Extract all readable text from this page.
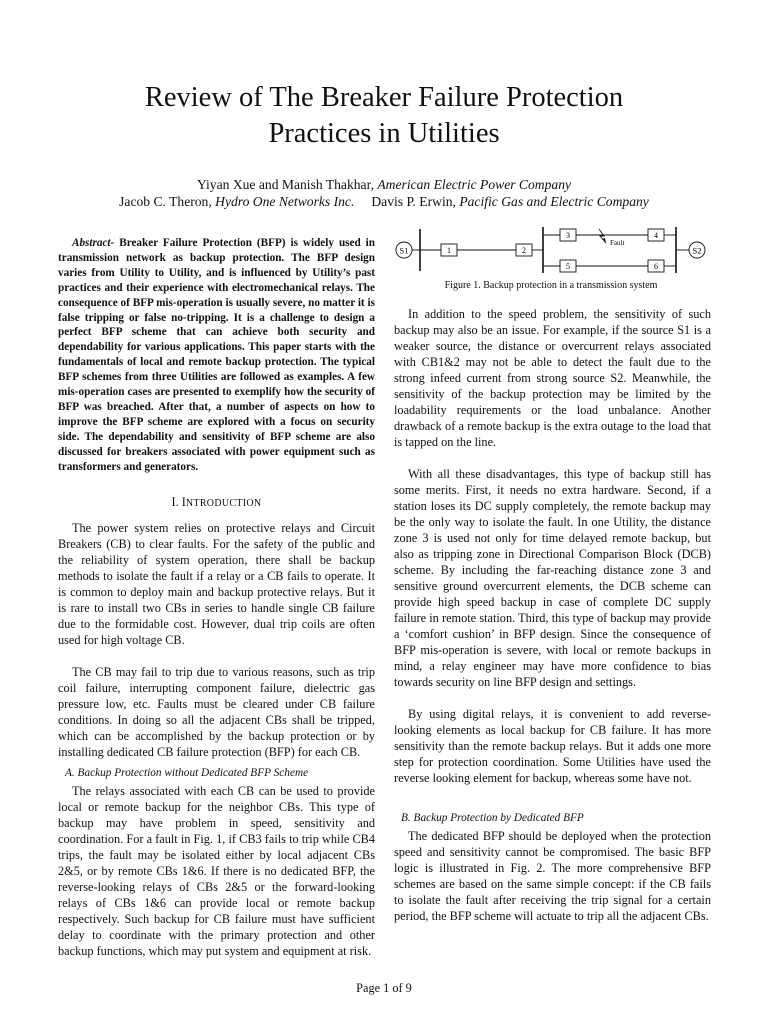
Review of The Breaker Failure Protection
Practices in Utilities
Yiyan Xue and Manish Thakhar, American Electric Power Company
Jacob C. Theron, Hydro One Networks Inc. Davis P. Erwin, Pacific Gas and Electric Company

Abstract- Breaker Failure Protection (BFP) is widely used in transmission network as backup protection. The BFP design varies from Utility to Utility, and is influenced by Utility’s past practices and their experience with electromechanical relays. The consequence of BFP mis-operation is usually severe, no matter it is false tripping or false no-tripping. It is a challenge to design a perfect BFP scheme that can achieve both security and dependability for various applications. This paper starts with the fundamentals of local and remote backup protection. The typical BFP schemes from three Utilities are followed as examples. A few mis-operation cases are presented to exemplify how the security of BFP was breached. After that, a number of aspects on how to improve the BFP scheme are explored with a focus on security side. The dependability and sensitivity of BFP scheme are also discussed for breakers associated with power equipment such as transformers and generators.

I. INTRODUCTION

The power system relies on protective relays and Circuit Breakers (CB) to clear faults. For the safety of the public and the reliability of system operation, there shall be backup methods to isolate the fault if a relay or a CB fails to operate. It is common to deploy main and backup protective relays. But it is rare to install two CBs in series to handle single CB failure due to the formidable cost. However, dual trip coils are often used for high voltage CB.

The CB may fail to trip due to various reasons, such as trip coil failure, interrupting component failure, dielectric gas pressure low, etc. Faults must be cleared under CB failure conditions. In doing so all the adjacent CBs shall be tripped, which can be accomplished by the backup protection or by installing dedicated CB failure protection (BFP) for each CB.

A. Backup Protection without Dedicated BFP Scheme

The relays associated with each CB can be used to provide local or remote backup for the neighbor CBs. This type of backup may have problem in speed, sensitivity and coordination. For a fault in Fig. 1, if CB3 fails to trip while CB4 trips, the fault may be isolated either by local adjacent CBs 2&5, or by remote CBs 1&6. If there is no dedicated BFP, the reverse-looking relays of CBs 2&5 or the forward-looking relays of CBs 1&6 can provide local or remote backup respectively. Such backup for CB failure must have sufficient delay to coordinate with the primary protection and other backup functions, which may put system and equipment at risk.

S1	1	2
3	4
Fault
5	6
S2
Figure 1. Backup protection in a transmission system

In addition to the speed problem, the sensitivity of such backup may also be an issue. For example, if the source S1 is a weaker source, the distance or overcurrent relays associated with CB1&2 may not be able to detect the fault due to the strong infeed current from strong source S2. Meanwhile, the sensitivity of the backup protection may be limited by the loadability requirements or the load unbalance. Another drawback of a remote backup is the extra outage to the load that is tapped on the line.

With all these disadvantages, this type of backup still has some merits. First, it needs no extra hardware. Second, if a station loses its DC supply completely, the remote backup may be the only way to isolate the fault. In one Utility, the distance zone 3 is used not only for time delayed remote backup, but also as tripping zone in Directional Comparison Block (DCB) scheme. By including the far-reaching distance zone 3 and sensitive ground overcurrent elements, the DCB scheme can provide high speed backup in case of complete DC supply failure in remote station. Third, this type of backup may provide a ‘comfort cushion’ in BFP design. Since the consequence of BFP mis-operation is severe, with local or remote backups in mind, a relay engineer may have more confidence to bias towards security on line BFP design and settings.

By using digital relays, it is convenient to add reverse-looking elements as local backup for CB failure. It has more sensitivity than the remote backup relays. But it adds one more step for protection coordination. Some Utilities have used the reverse looking element for backup, whereas some have not.

B. Backup Protection by Dedicated BFP

The dedicated BFP should be deployed when the protection speed and sensitivity cannot be compromised. The basic BFP logic is illustrated in Fig. 2. The more comprehensive BFP schemes are based on the same simple concept: if the CB fails to isolate the fault after receiving the trip signal for a certain period, the BFP scheme will actuate to trip all the adjacent CBs.

Page 1 of 9
